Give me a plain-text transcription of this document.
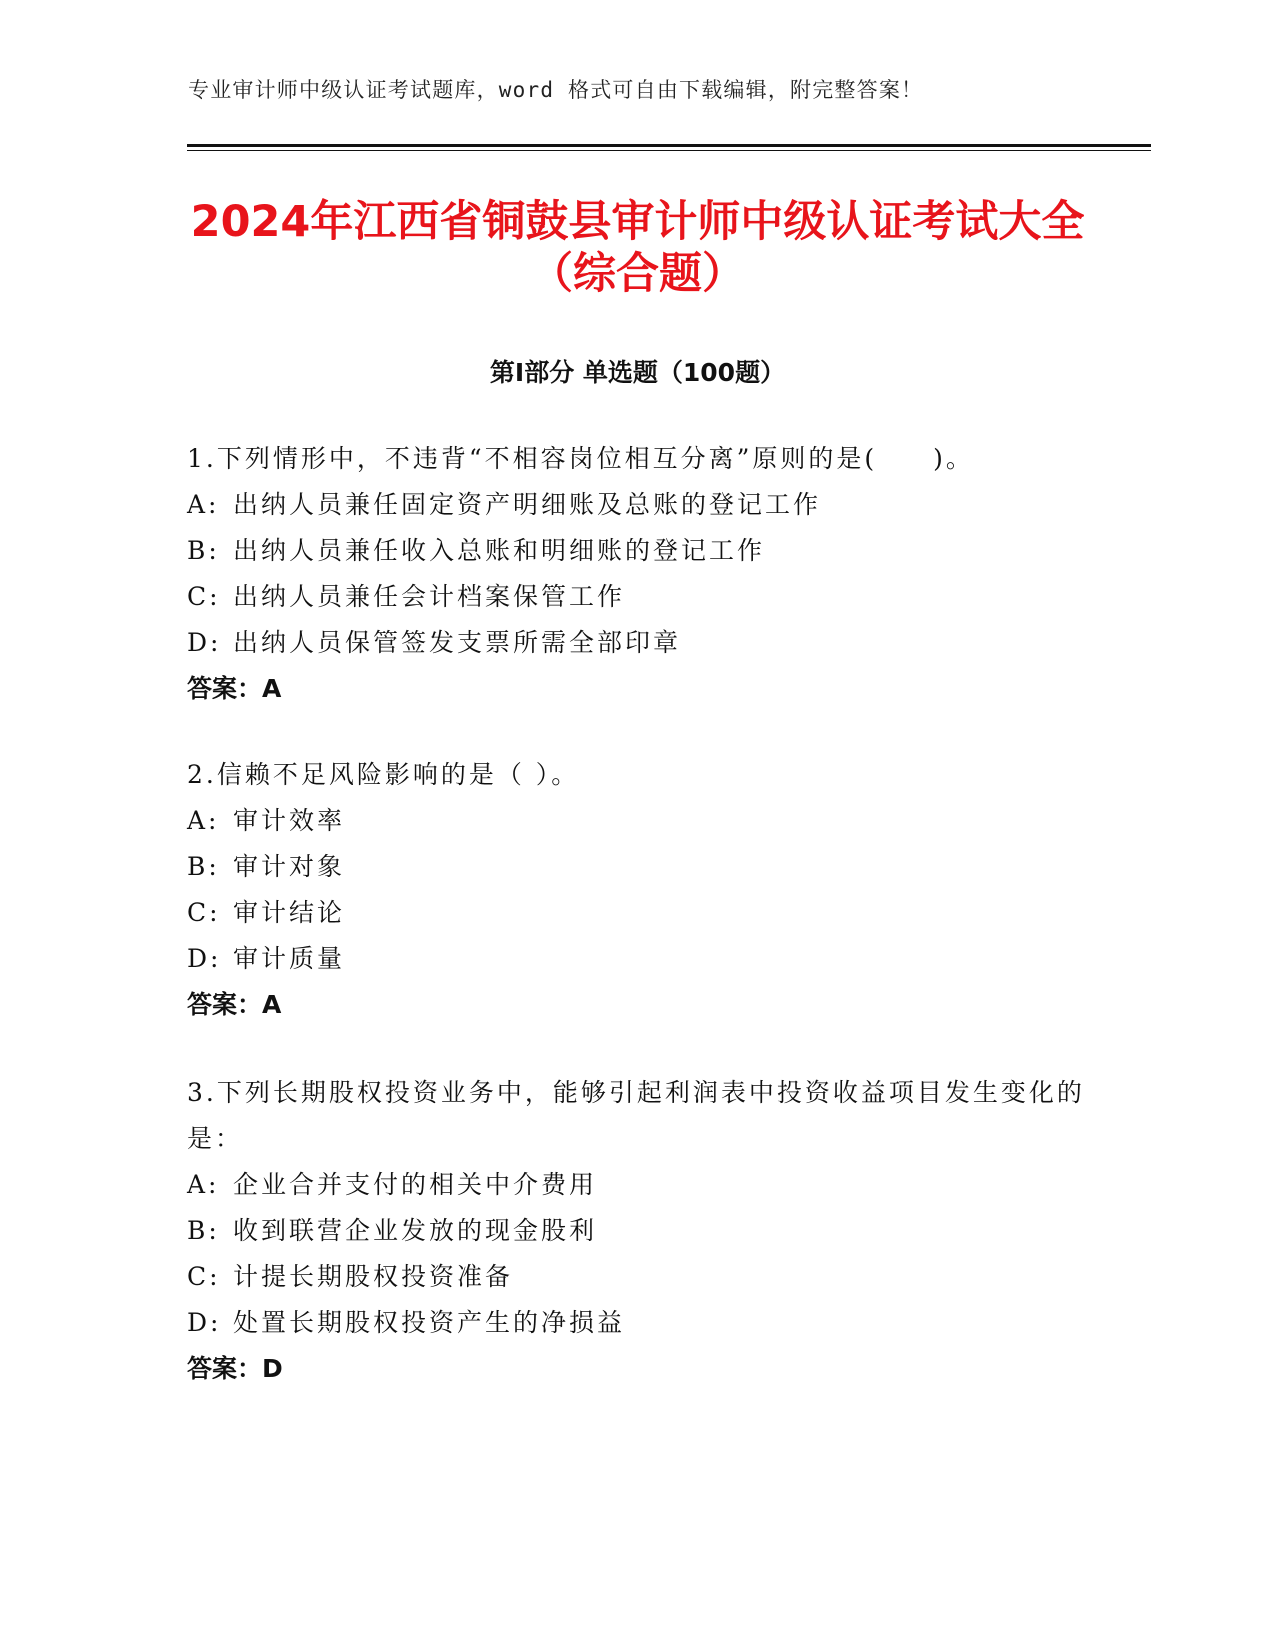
专业审计师中级认证考试题库，word 格式可自由下载编辑，附完整答案！
2024年江西省铜鼓县审计师中级认证考试大全（综合题）
第I部分 单选题（100题）
1.下列情形中，不违背“不相容岗位相互分离”原则的是(　　)。
A: 出纳人员兼任固定资产明细账及总账的登记工作
B: 出纳人员兼任收入总账和明细账的登记工作
C: 出纳人员兼任会计档案保管工作
D: 出纳人员保管签发支票所需全部印章
答案：A
2.信赖不足风险影响的是（ ）。
A: 审计效率
B: 审计对象
C: 审计结论
D: 审计质量
答案：A
3.下列长期股权投资业务中，能够引起利润表中投资收益项目发生变化的是：
A: 企业合并支付的相关中介费用
B: 收到联营企业发放的现金股利
C: 计提长期股权投资准备
D: 处置长期股权投资产生的净损益
答案：D
